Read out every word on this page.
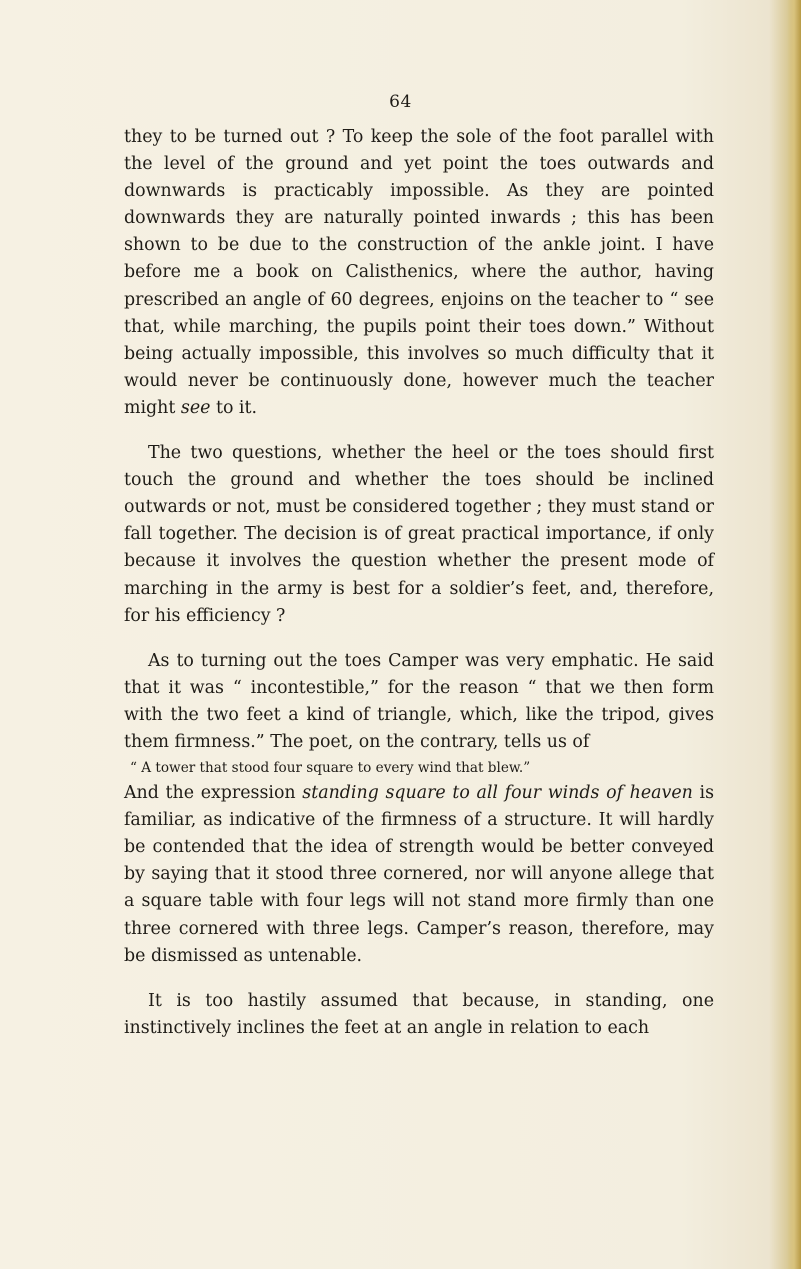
64

they to be turned out ? To keep the sole of the foot parallel with the level of the ground and yet point the toes outwards and downwards is practicably impossible. As they are pointed downwards they are naturally pointed inwards ; this has been shown to be due to the construction of the ankle joint. I have before me a book on Calisthenics, where the author, having prescribed an angle of 60 degrees, enjoins on the teacher to “ see that, while marching, the pupils point their toes down.” Without being actually impossible, this involves so much difficulty that it would never be continuously done, however much the teacher might see to it.

The two questions, whether the heel or the toes should first touch the ground and whether the toes should be inclined outwards or not, must be considered together ; they must stand or fall together. The decision is of great practical importance, if only because it involves the question whether the present mode of marching in the army is best for a soldier’s feet, and, therefore, for his efficiency ?

As to turning out the toes Camper was very emphatic. He said that it was “ incontestible,” for the reason “ that we then form with the two feet a kind of triangle, which, like the tripod, gives them firmness.” The poet, on the contrary, tells us of

“ A tower that stood four square to every wind that blew.”

And the expression standing square to all four winds of heaven is familiar, as indicative of the firmness of a structure. It will hardly be contended that the idea of strength would be better conveyed by saying that it stood three cornered, nor will anyone allege that a square table with four legs will not stand more firmly than one three cornered with three legs. Camper’s reason, therefore, may be dismissed as untenable.

It is too hastily assumed that because, in standing, one instinctively inclines the feet at an angle in relation to each
